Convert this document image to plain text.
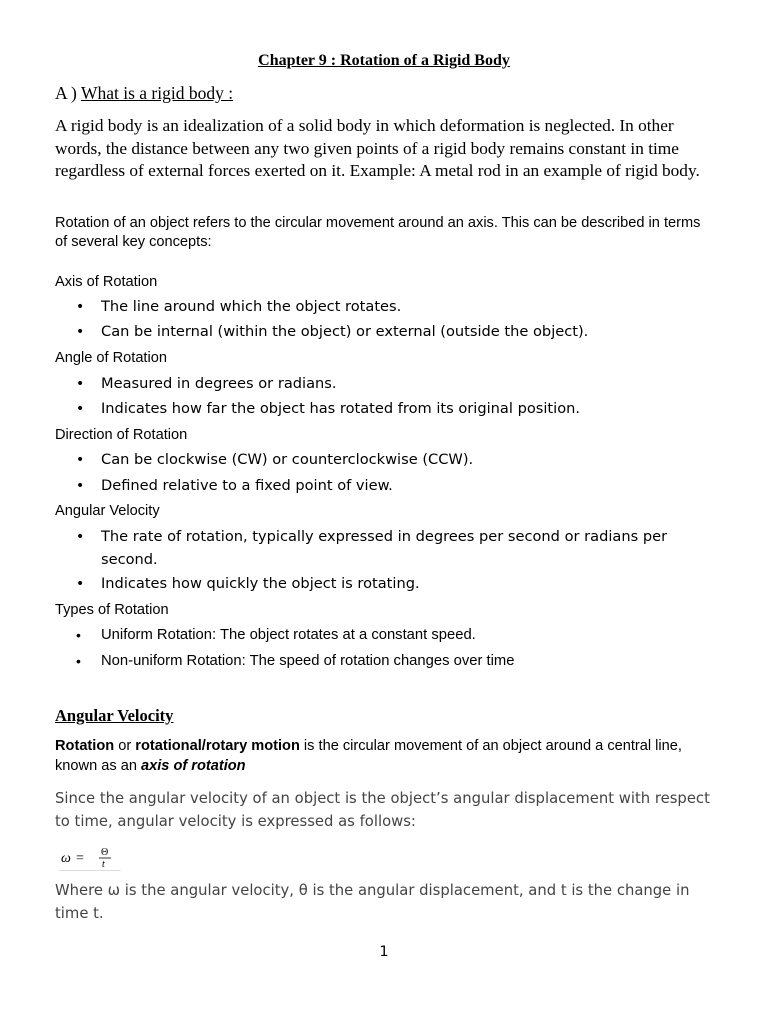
Chapter 9 : Rotation of a Rigid Body
A ) What is a rigid body :
A rigid body is an idealization of a solid body in which deformation is neglected. In other words, the distance between any two given points of a rigid body remains constant in time regardless of external forces exerted on it. Example: A metal rod in an example of rigid body.
Rotation of an object refers to the circular movement around an axis. This can be described in terms of several key concepts:
Axis of Rotation
• The line around which the object rotates.
• Can be internal (within the object) or external (outside the object).
Angle of Rotation
• Measured in degrees or radians.
• Indicates how far the object has rotated from its original position.
Direction of Rotation
• Can be clockwise (CW) or counterclockwise (CCW).
• Defined relative to a fixed point of view.
Angular Velocity
• The rate of rotation, typically expressed in degrees per second or radians per second.
• Indicates how quickly the object is rotating.
Types of Rotation
• Uniform Rotation: The object rotates at a constant speed.
• Non-uniform Rotation: The speed of rotation changes over time
Angular Velocity
Rotation or rotational/rotary motion is the circular movement of an object around a central line, known as an axis of rotation
Since the angular velocity of an object is the object’s angular displacement with respect to time, angular velocity is expressed as follows:
ω = Θ
t
Where ω is the angular velocity, θ is the angular displacement, and t is the change in time t.
1
